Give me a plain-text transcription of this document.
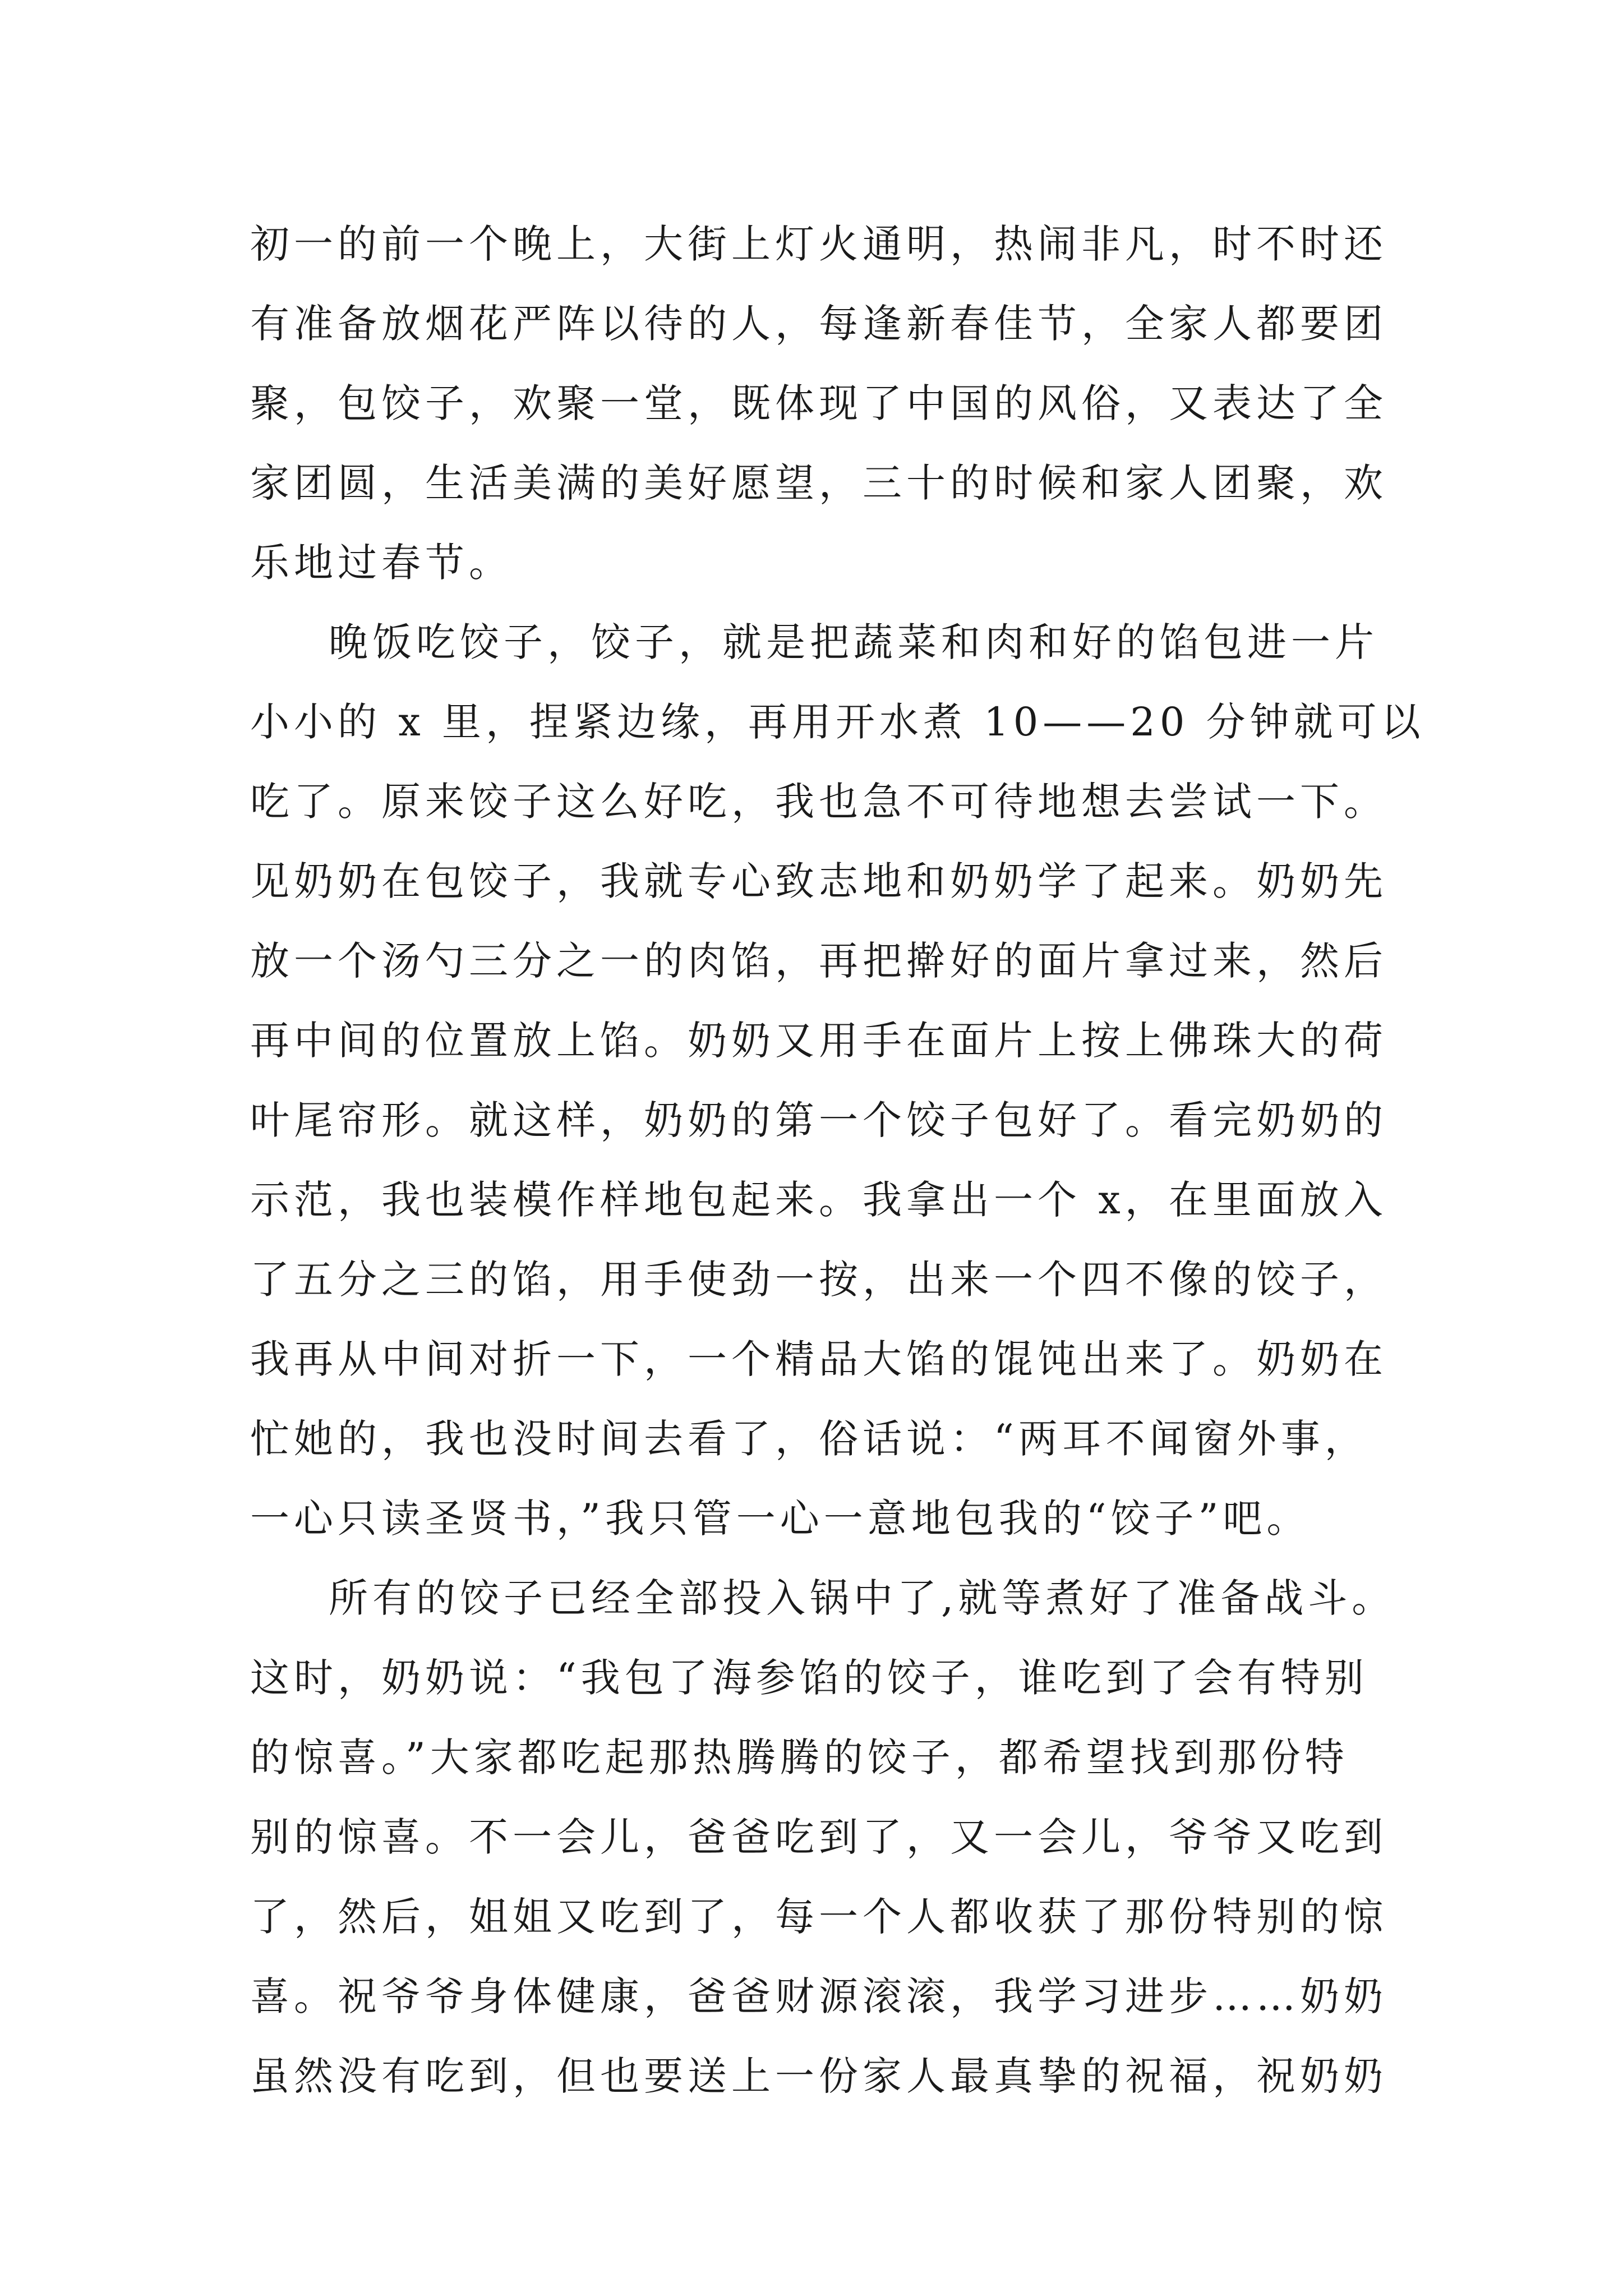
初一的前一个晚上，大街上灯火通明，热闹非凡，时不时还
有准备放烟花严阵以待的人，每逢新春佳节，全家人都要团
聚，包饺子，欢聚一堂，既体现了中国的风俗，又表达了全
家团圆，生活美满的美好愿望，三十的时候和家人团聚，欢
乐地过春节。
晚饭吃饺子，饺子，就是把蔬菜和肉和好的馅包进一片
小小的 x 里，捏紧边缘，再用开水煮 10——20 分钟就可以
吃了。原来饺子这么好吃，我也急不可待地想去尝试一下。
见奶奶在包饺子，我就专心致志地和奶奶学了起来。奶奶先
放一个汤勺三分之一的肉馅，再把擀好的面片拿过来，然后
再中间的位置放上馅。奶奶又用手在面片上按上佛珠大的荷
叶尾帘形。就这样，奶奶的第一个饺子包好了。看完奶奶的
示范，我也装模作样地包起来。我拿出一个 x，在里面放入
了五分之三的馅，用手使劲一按，出来一个四不像的饺子，
我再从中间对折一下，一个精品大馅的馄饨出来了。奶奶在
忙她的，我也没时间去看了，俗话说：“两耳不闻窗外事，
一心只读圣贤书，”我只管一心一意地包我的“饺子”吧。
所有的饺子已经全部投入锅中了,就等煮好了准备战斗。
这时，奶奶说：“我包了海参馅的饺子，谁吃到了会有特别
的惊喜。”大家都吃起那热腾腾的饺子，都希望找到那份特
别的惊喜。不一会儿，爸爸吃到了，又一会儿，爷爷又吃到
了，然后，姐姐又吃到了，每一个人都收获了那份特别的惊
喜。祝爷爷身体健康，爸爸财源滚滚，我学习进步……奶奶
虽然没有吃到，但也要送上一份家人最真挚的祝福，祝奶奶
